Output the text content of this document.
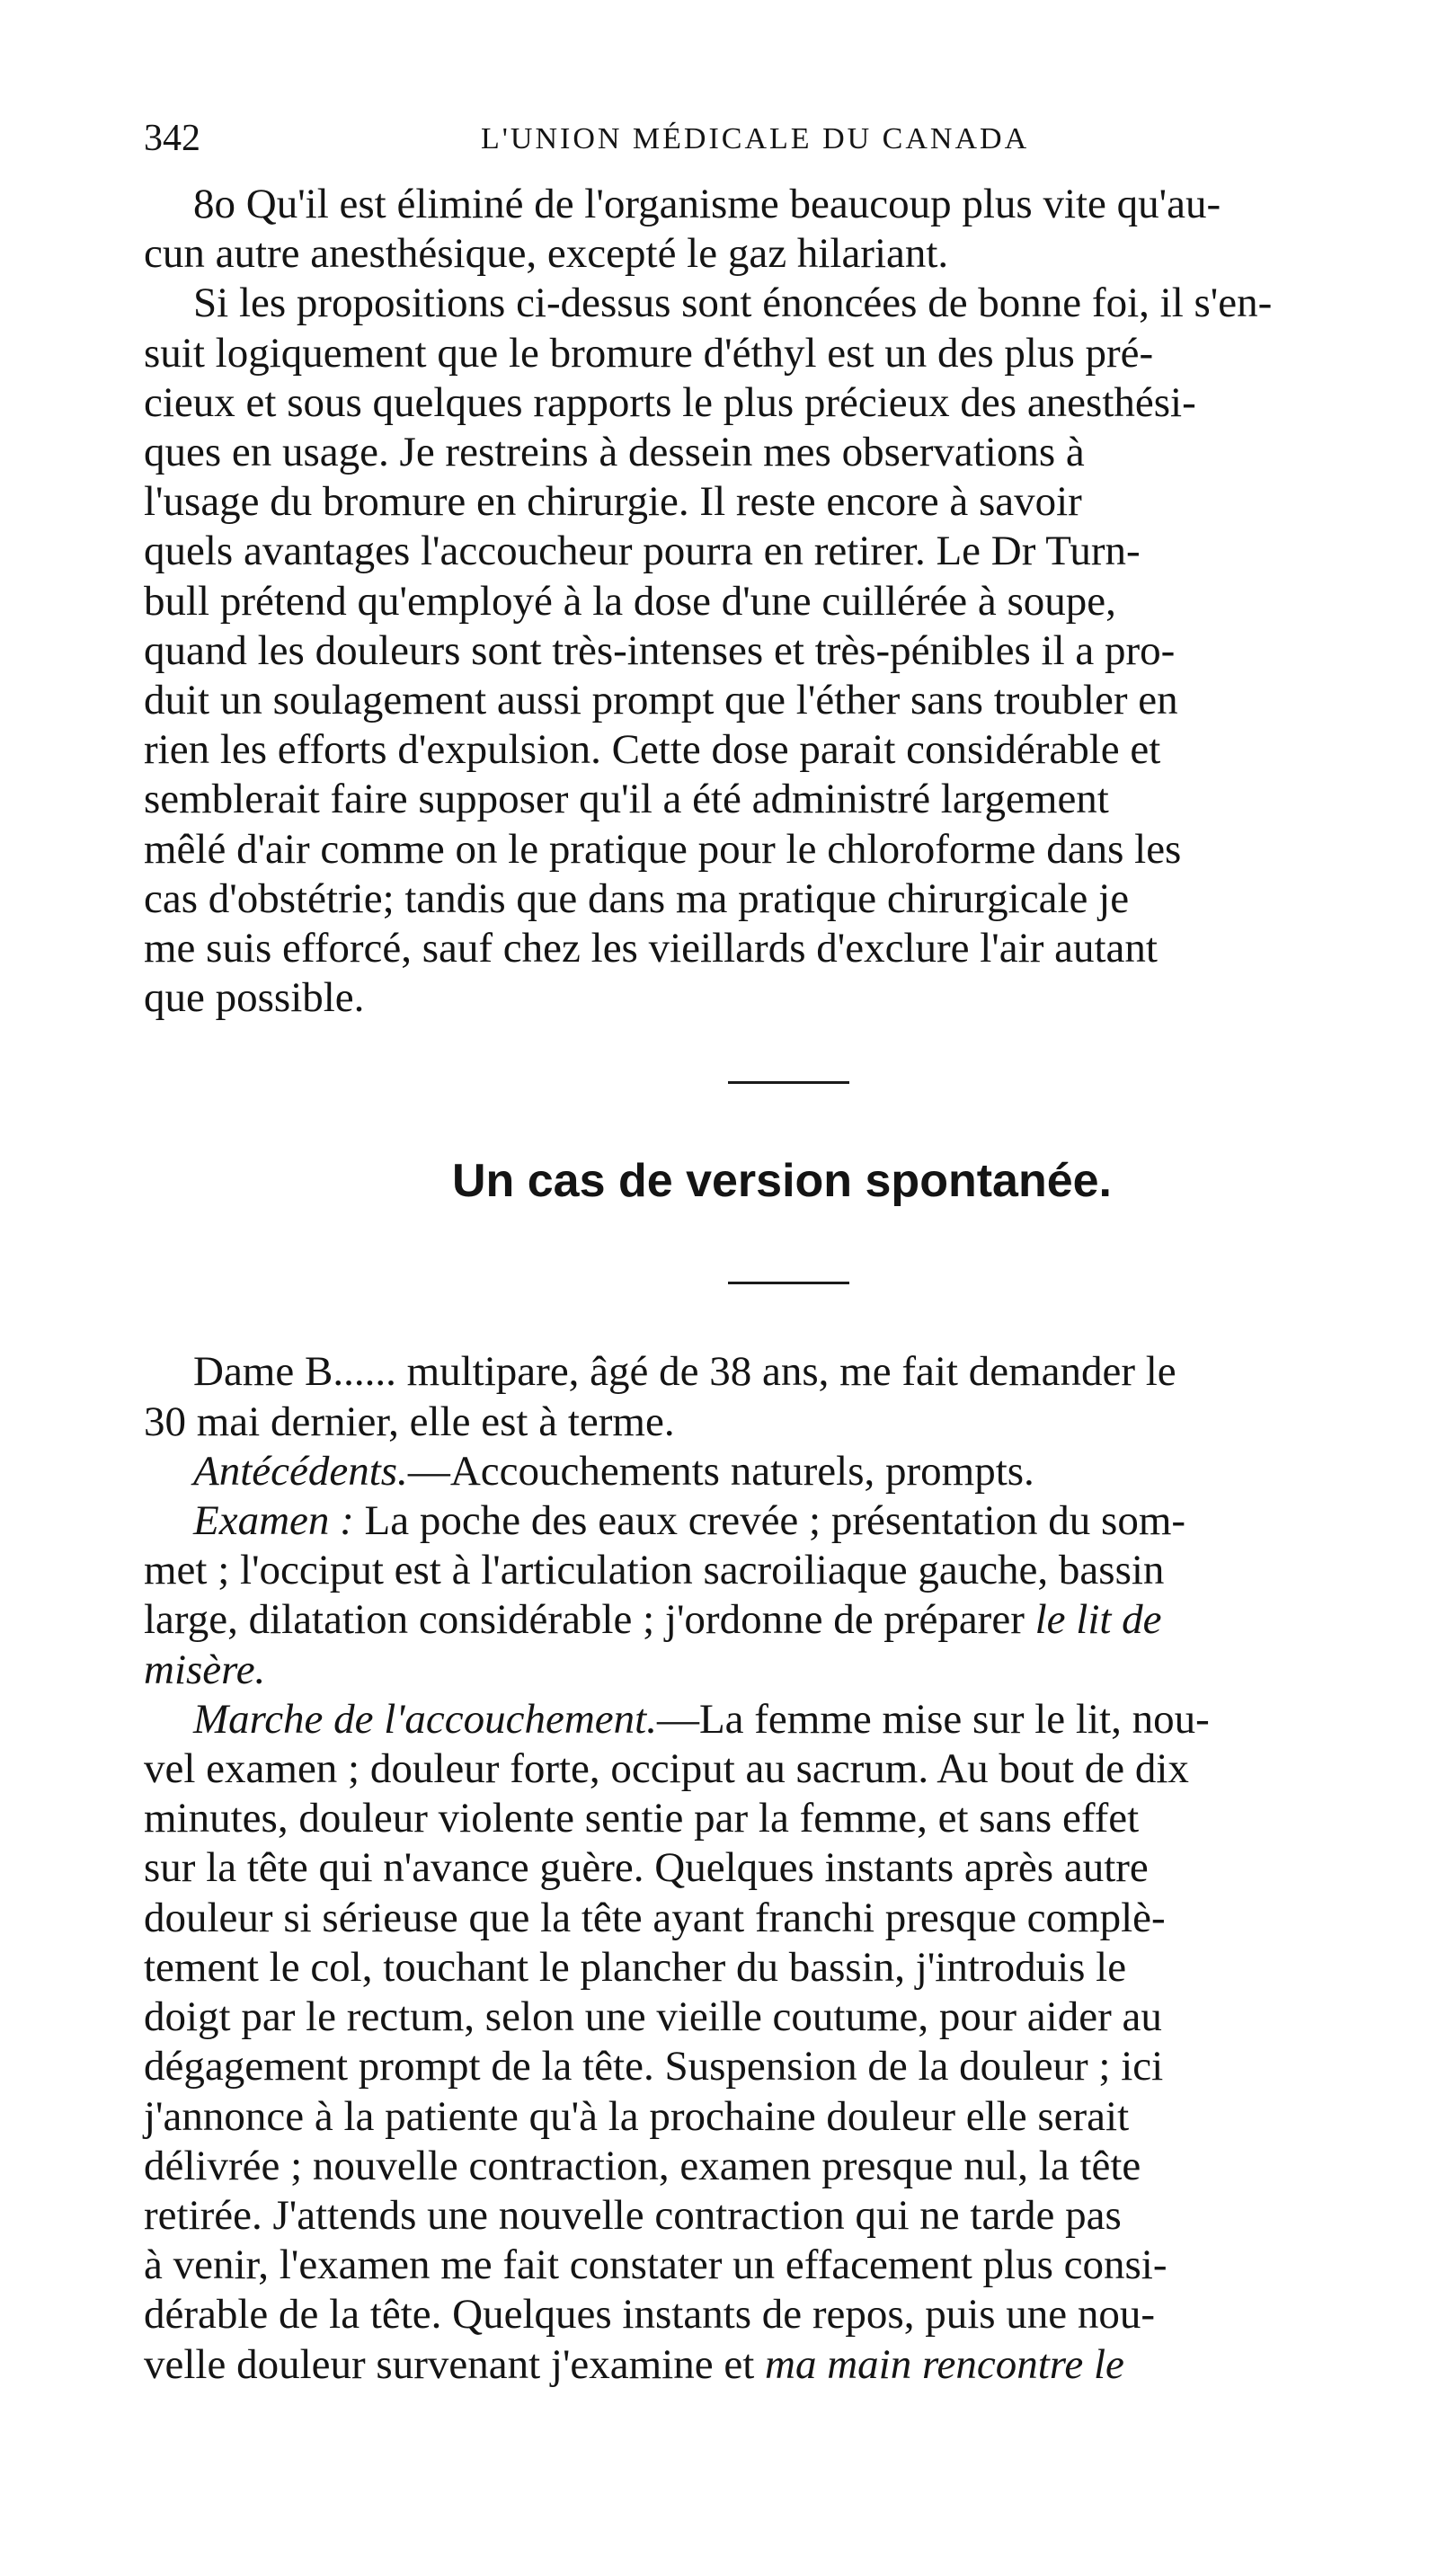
342	L'UNION MÉDICALE DU CANADA

8o Qu'il est éliminé de l'organisme beaucoup plus vite qu'au-
cun autre anesthésique, excepté le gaz hilariant.

Si les propositions ci-dessus sont énoncées de bonne foi, il s'en-
suit logiquement que le bromure d'éthyl est un des plus pré-
cieux et sous quelques rapports le plus précieux des anesthési-
ques en usage. Je restreins à dessein mes observations à
l'usage du bromure en chirurgie. Il reste encore à savoir
quels avantages l'accoucheur pourra en retirer. Le Dr Turn-
bull prétend qu'employé à la dose d'une cuillérée à soupe,
quand les douleurs sont très-intenses et très-pénibles il a pro-
duit un soulagement aussi prompt que l'éther sans troubler en
rien les efforts d'expulsion. Cette dose parait considérable et
semblerait faire supposer qu'il a été administré largement
mêlé d'air comme on le pratique pour le chloroforme dans les
cas d'obstétrie; tandis que dans ma pratique chirurgicale je
me suis efforcé, sauf chez les vieillards d'exclure l'air autant
que possible.

Un cas de version spontanée.

Dame B...... multipare, âgé de 38 ans, me fait demander le
30 mai dernier, elle est à terme.

Antécédents.—Accouchements naturels, prompts.

Examen : La poche des eaux crevée ; présentation du som-
met ; l'occiput est à l'articulation sacroiliaque gauche, bassin
large, dilatation considérable ; j'ordonne de préparer le lit de
misère.

Marche de l'accouchement.—La femme mise sur le lit, nou-
vel examen ; douleur forte, occiput au sacrum. Au bout de dix
minutes, douleur violente sentie par la femme, et sans effet
sur la tête qui n'avance guère. Quelques instants après autre
douleur si sérieuse que la tête ayant franchi presque complè-
tement le col, touchant le plancher du bassin, j'introduis le
doigt par le rectum, selon une vieille coutume, pour aider au
dégagement prompt de la tête. Suspension de la douleur ; ici
j'annonce à la patiente qu'à la prochaine douleur elle serait
délivrée ; nouvelle contraction, examen presque nul, la tête
retirée. J'attends une nouvelle contraction qui ne tarde pas
à venir, l'examen me fait constater un effacement plus consi-
dérable de la tête. Quelques instants de repos, puis une nou-
velle douleur survenant j'examine et ma main rencontre le
